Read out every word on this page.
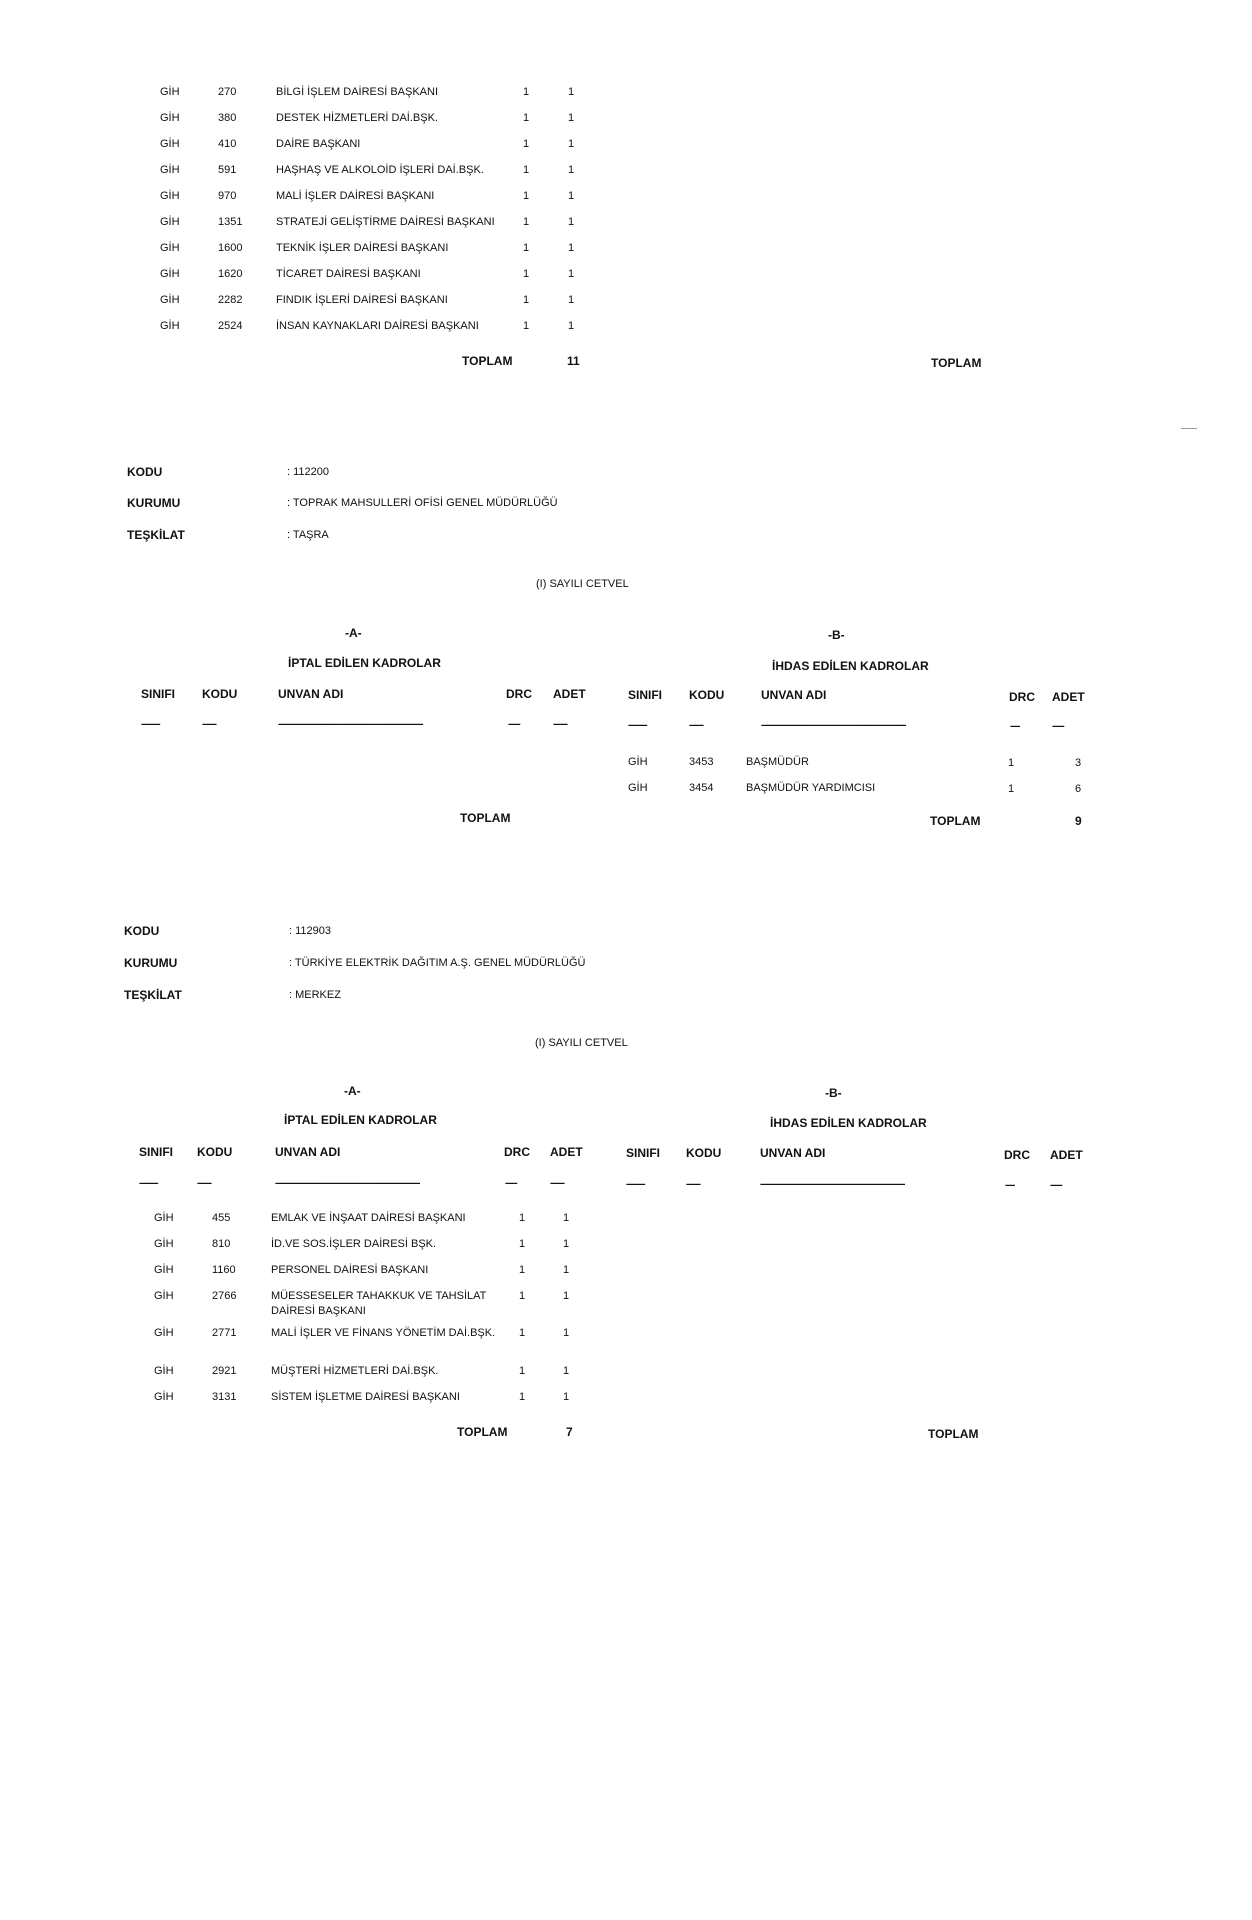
GİH	270	BİLGİ İŞLEM DAİRESİ BAŞKANI	1	1
GİH	380	DESTEK HİZMETLERİ DAİ.BŞK.	1	1
GİH	410	DAİRE BAŞKANI	1	1
GİH	591	HAŞHAŞ VE ALKOLOİD İŞLERİ DAİ.BŞK.	1	1
GİH	970	MALİ İŞLER DAİRESİ BAŞKANI	1	1
GİH	1351	STRATEJİ GELİŞTİRME DAİRESİ BAŞKANI	1	1
GİH	1600	TEKNİK İŞLER DAİRESİ BAŞKANI	1	1
GİH	1620	TİCARET DAİRESİ BAŞKANI	1	1
GİH	2282	FINDIK İŞLERİ DAİRESİ BAŞKANI	1	1
GİH	2524	İNSAN KAYNAKLARI DAİRESİ BAŞKANI	1	1
TOPLAM	11	TOPLAM
KODU	: 112200
KURUMU	: TOPRAK MAHSULLERİ OFİSİ GENEL MÜDÜRLÜĞÜ
TEŞKİLAT	: TAŞRA
(I) SAYILI CETVEL
-A-
İPTAL EDİLEN KADROLAR
-B-
İHDAS EDİLEN KADROLAR
SINIFI KODU	UNVAN ADI	DRC ADET	SINIFI KODU	UNVAN ADI	DRC ADET
--------	------	--------------------------------------------------------------	-----	------	--------	------	--------------------------------------------------------------	----	-----
GİH	3453	BAŞMÜDÜR	1	3
GİH	3454	BAŞMÜDÜR YARDIMCISI	1	6
TOPLAM	TOPLAM	9
KODU	: 112903
KURUMU	: TÜRKİYE ELEKTRİK DAĞITIM A.Ş. GENEL MÜDÜRLÜĞÜ
TEŞKİLAT	: MERKEZ
(I) SAYILI CETVEL
-A-
İPTAL EDİLEN KADROLAR
-B-
İHDAS EDİLEN KADROLAR
SINIFI KODU	UNVAN ADI	DRC ADET	SINIFI KODU	UNVAN ADI	DRC ADET
--------	------	--------------------------------------------------------------	-----	------	--------	------	--------------------------------------------------------------	----	-----
GİH	455	EMLAK VE İNŞAAT DAİRESİ BAŞKANI	1	1
GİH	810	İD.VE SOS.İŞLER DAİRESİ BŞK.	1	1
GİH	1160	PERSONEL DAİRESİ BAŞKANI	1	1
GİH	2766	MÜESSESELER TAHAKKUK VE TAHSİLAT
DAİRESİ BAŞKANI
1	1
GİH	2771	MALİ İŞLER VE FİNANS YÖNETİM DAİ.BŞK. 1	1
GİH	2921	MÜŞTERİ HİZMETLERİ DAİ.BŞK.	1	1
GİH	3131	SİSTEM İŞLETME DAİRESİ BAŞKANI	1	1
TOPLAM	7	TOPLAM
